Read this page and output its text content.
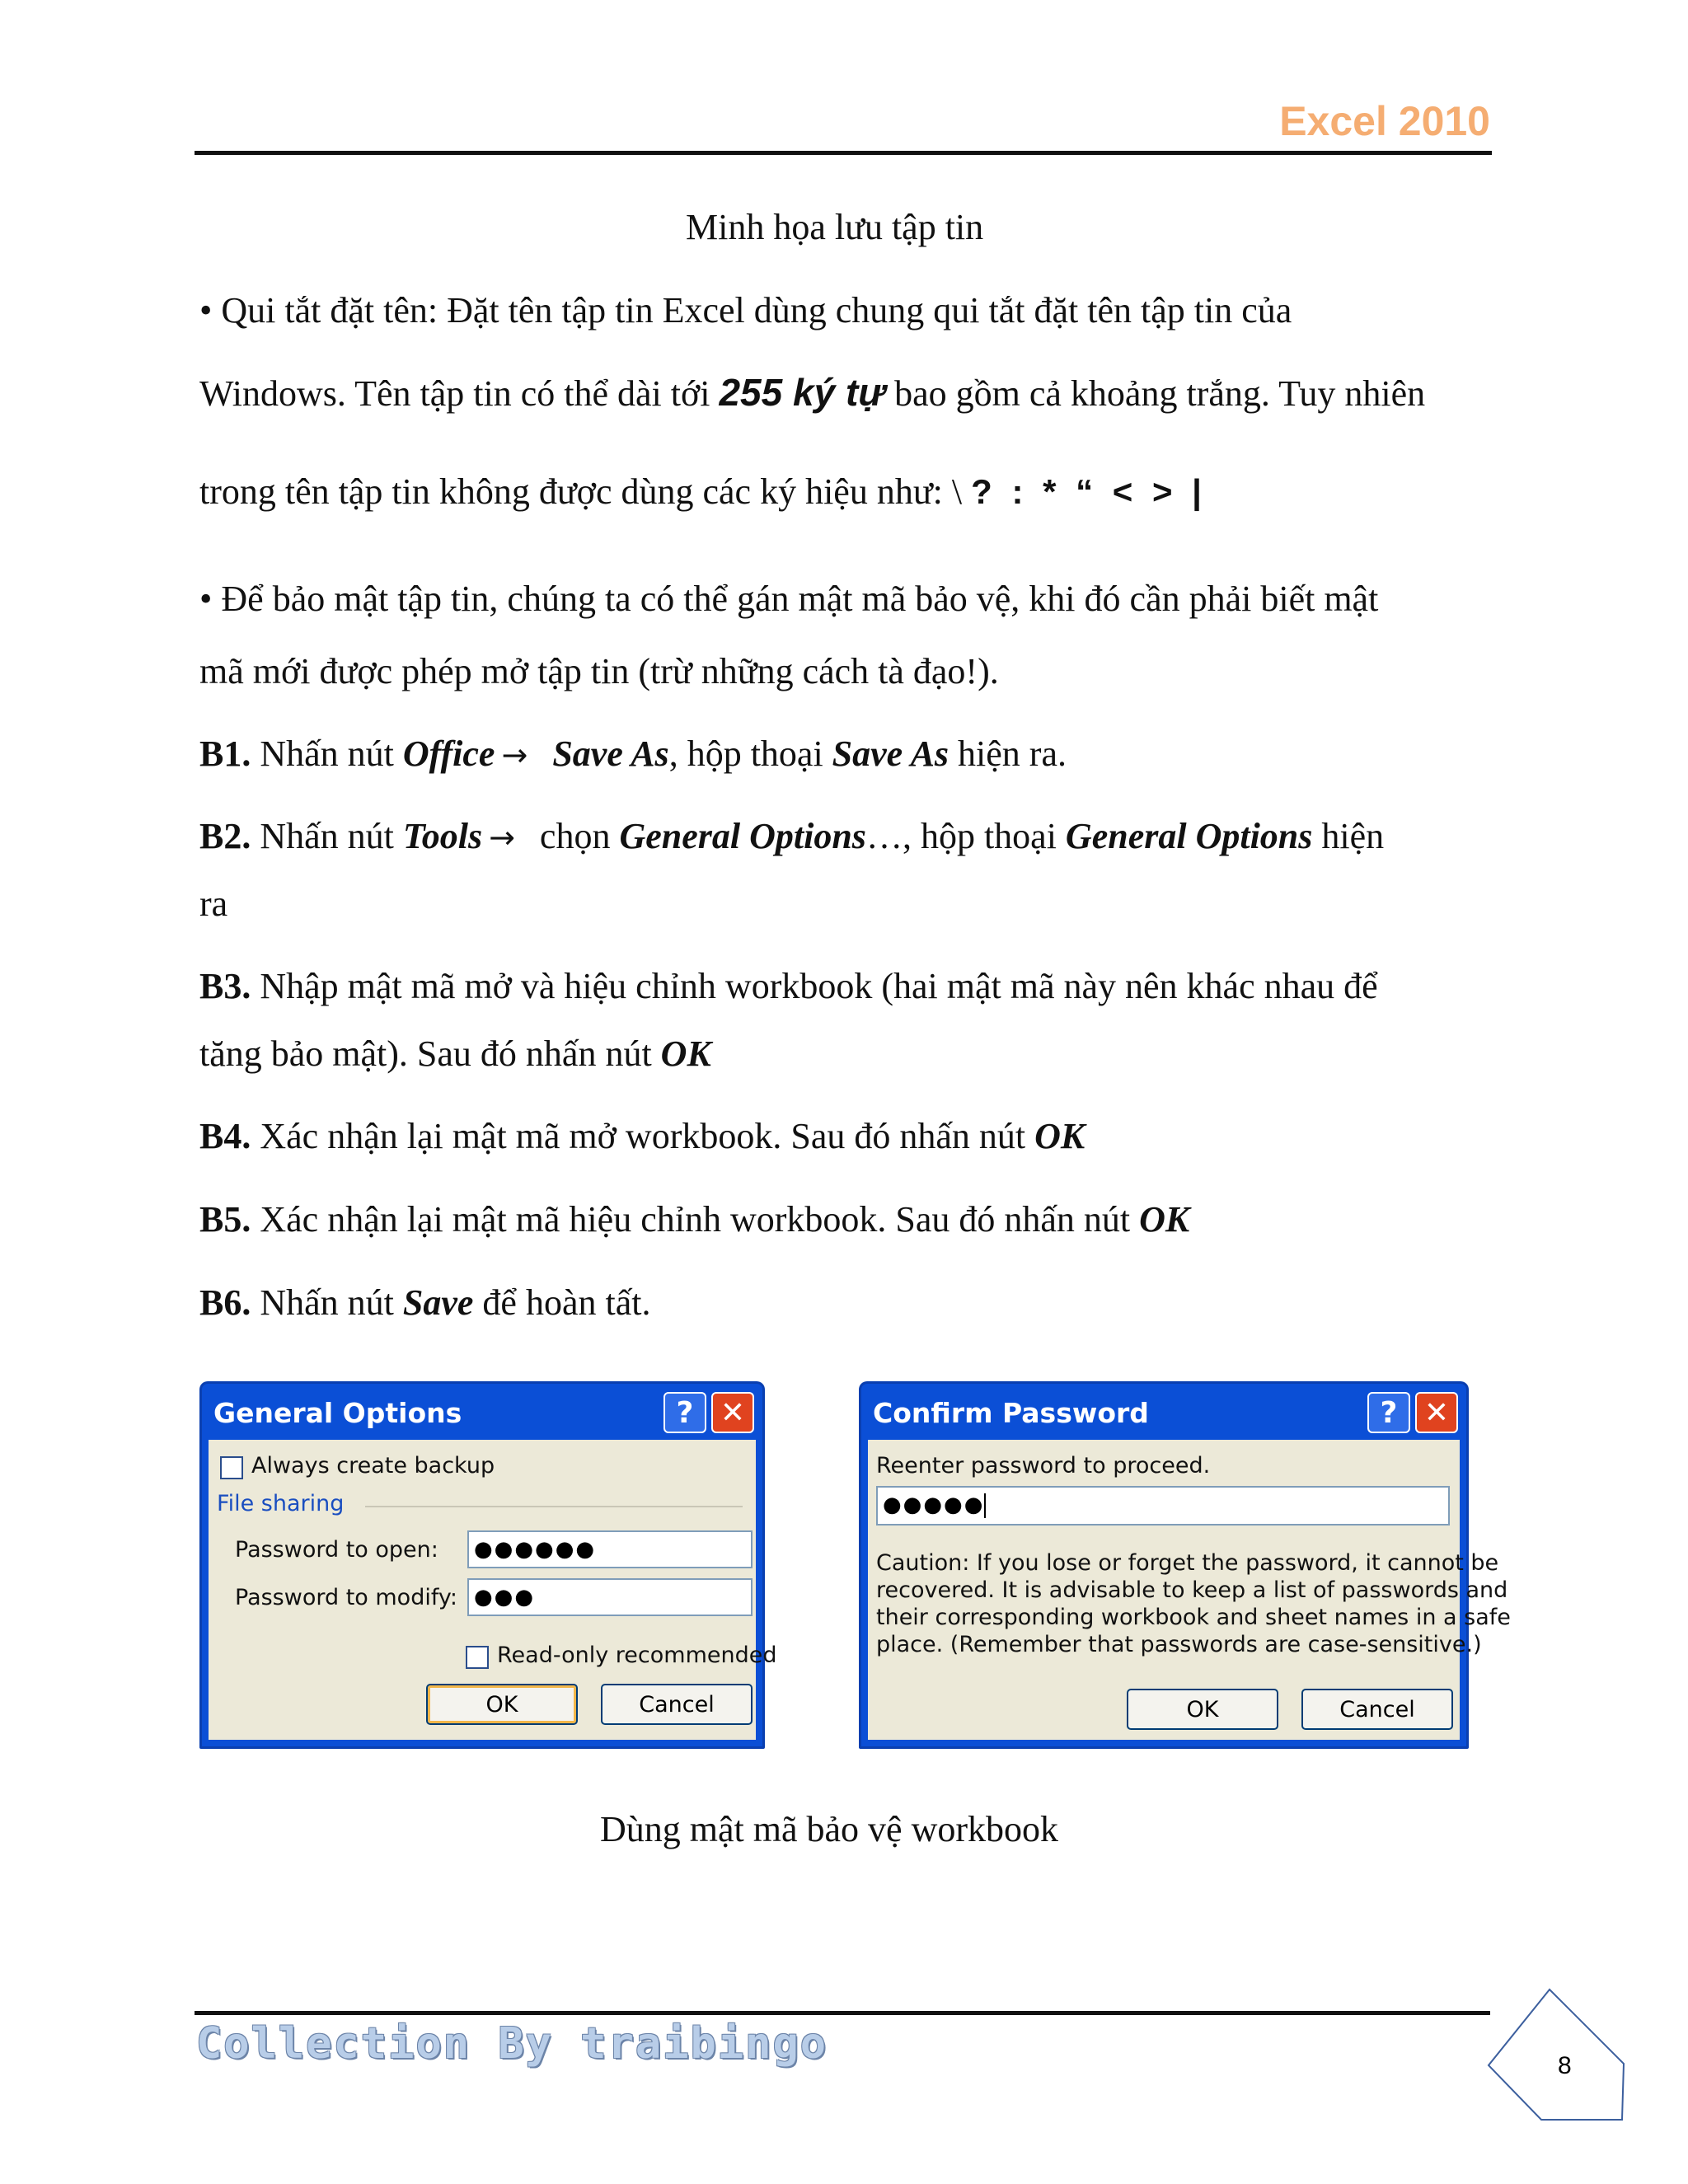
Excel 2010
Minh họa lưu tập tin
• Qui tắt đặt tên: Đặt tên tập tin Excel dùng chung qui tắt đặt tên tập tin của
Windows. Tên tập tin có thể dài tới 255 ký tự bao gồm cả khoảng trắng. Tuy nhiên
trong tên tập tin không được dùng các ký hiệu như: \ ? : * “ < > |
• Để bảo mật tập tin, chúng ta có thể gán mật mã bảo vệ, khi đó cần phải biết mật
mã mới được phép mở tập tin (trừ những cách tà đạo!).
B1. Nhấn nút Office → Save As, hộp thoại Save As hiện ra.
B2. Nhấn nút Tools → chọn General Options…, hộp thoại General Options hiện
ra
B3. Nhập mật mã mở và hiệu chỉnh workbook (hai mật mã này nên khác nhau để
tăng bảo mật). Sau đó nhấn nút OK
B4. Xác nhận lại mật mã mở workbook. Sau đó nhấn nút OK
B5. Xác nhận lại mật mã hiệu chỉnh workbook. Sau đó nhấn nút OK
B6. Nhấn nút Save để hoàn tất.
General Options	? ✕
Always create backup
File sharing
Password to open:	●●●●●●
Password to modify: ●●●
Read-only recommended
OK	Cancel
Confirm Password	? ✕
Reenter password to proceed.
●●●●●
Caution: If you lose or forget the password, it cannot be
recovered. It is advisable to keep a list of passwords and
their corresponding workbook and sheet names in a safe
place. (Remember that passwords are case-sensitive.)
OK	Cancel
Dùng mật mã bảo vệ workbook
Collection By traibingo	8
